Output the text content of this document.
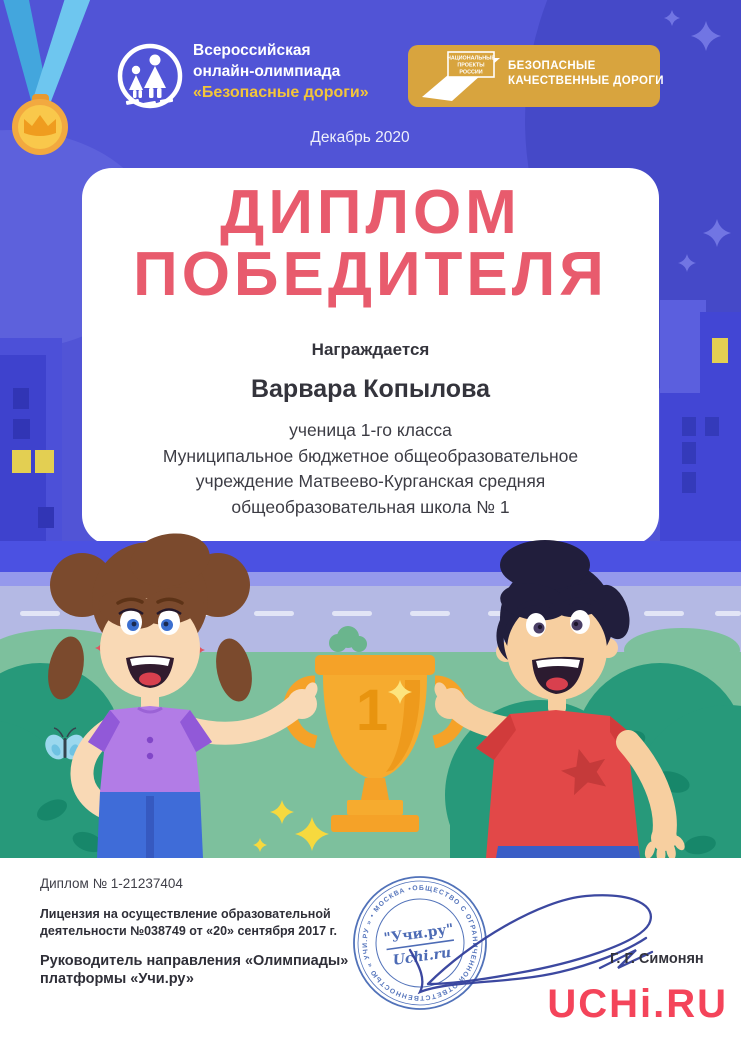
Всероссийская
онлайн-олимпиада
«Безопасные дороги»
НАЦИОНАЛЬНЫЕ
ПРОЕКТЫ
РОССИИ
БЕЗОПАСНЫЕ
КАЧЕСТВЕННЫЕ ДОРОГИ
Декабрь 2020
ДИПЛОМ
ПОБЕДИТЕЛЯ
Награждается
Варвара Копылова
ученица 1-го класса
Муниципальное бюджетное общеобразовательное
учреждение Матвеево-Курганская средняя
общеобразовательная школа № 1
1
Диплом № 1-21237404
Лицензия на осуществление образовательной
деятельности №038749 от «20» сентября 2017 г.
Руководитель направления «Олимпиады»
платформы «Учи.ру»
ОБЩЕСТВО С ОГРАНИЧЕННОЙ ОТВЕТСТВЕННОСТЬЮ « УЧИ.РУ » • МОСКВА •
"Учи.ру"
Uchi.ru	Г. Г. Симонян
UCHi.RU
